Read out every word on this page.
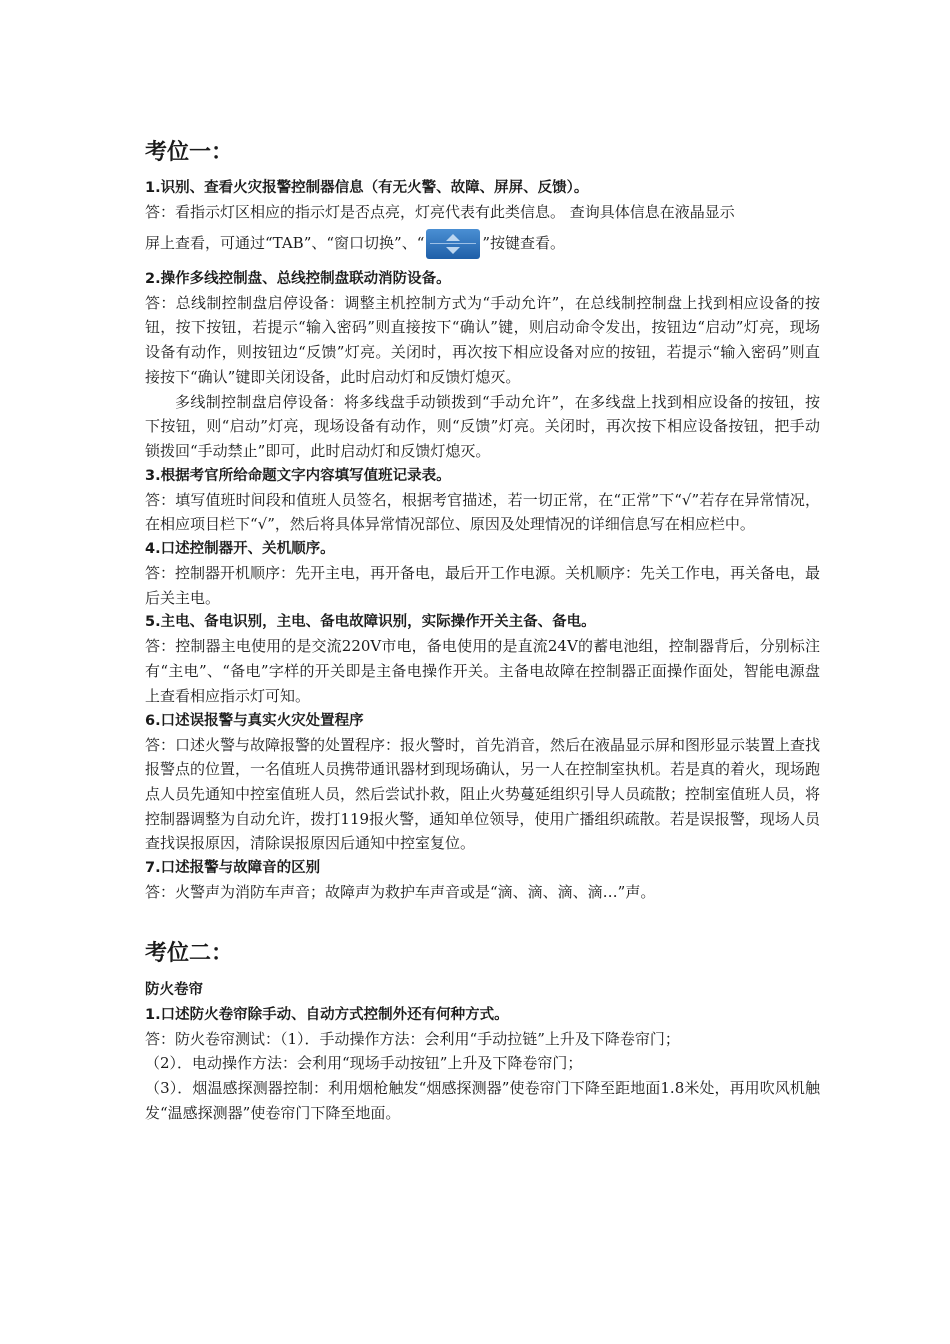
考位一：

1.识别、查看火灾报警控制器信息（有无火警、故障、屏屏、反馈）。

答：看指示灯区相应的指示灯是否点亮，灯亮代表有此类信息。 查询具体信息在液晶显示

屏上查看，可通过“TAB”、“窗口切换”、“	”按键查看。

2.操作多线控制盘、总线控制盘联动消防设备。

答：总线制控制盘启停设备：调整主机控制方式为“手动允许”，在总线制控制盘上找到相应设备的按钮，按下按钮，若提示“输入密码”则直接按下“确认”键，则启动命令发出，按钮边“启动”灯亮，现场设备有动作，则按钮边“反馈”灯亮。关闭时，再次按下相应设备对应的按钮，若提示“输入密码”则直接按下“确认”键即关闭设备，此时启动灯和反馈灯熄灭。

多线制控制盘启停设备：将多线盘手动锁拨到“手动允许”，在多线盘上找到相应设备的按钮，按下按钮，则“启动”灯亮，现场设备有动作，则“反馈”灯亮。关闭时，再次按下相应设备按钮，把手动锁拨回“手动禁止”即可，此时启动灯和反馈灯熄灭。

3.根据考官所给命题文字内容填写值班记录表。

答：填写值班时间段和值班人员签名，根据考官描述，若一切正常，在“正常”下“√”若存在异常情况，在相应项目栏下“√”，然后将具体异常情况部位、原因及处理情况的详细信息写在相应栏中。

4.口述控制器开、关机顺序。

答：控制器开机顺序：先开主电，再开备电，最后开工作电源。关机顺序：先关工作电，再关备电，最后关主电。

5.主电、备电识别，主电、备电故障识别，实际操作开关主备、备电。

答：控制器主电使用的是交流220V市电，备电使用的是直流24V的蓄电池组，控制器背后，分别标注有“主电”、“备电”字样的开关即是主备电操作开关。主备电故障在控制器正面操作面处，智能电源盘上查看相应指示灯可知。

6.口述误报警与真实火灾处置程序

答：口述火警与故障报警的处置程序：报火警时，首先消音，然后在液晶显示屏和图形显示装置上查找报警点的位置，一名值班人员携带通讯器材到现场确认，另一人在控制室执机。若是真的着火，现场跑点人员先通知中控室值班人员，然后尝试扑救，阻止火势蔓延组织引导人员疏散；控制室值班人员，将控制器调整为自动允许，拨打119报火警，通知单位领导，使用广播组织疏散。若是误报警，现场人员查找误报原因，清除误报原因后通知中控室复位。

7.口述报警与故障音的区别

答：火警声为消防车声音；故障声为救护车声音或是“滴、滴、滴、滴…”声。

考位二：

防火卷帘

1.口述防火卷帘除手动、自动方式控制外还有何种方式。

答：防火卷帘测试：（1）．手动操作方法：会利用“手动拉链”上升及下降卷帘门；

（2）．电动操作方法：会利用“现场手动按钮”上升及下降卷帘门；

（3）．烟温感探测器控制：利用烟枪触发“烟感探测器”使卷帘门下降至距地面1.8米处，再用吹风机触发“温感探测器”使卷帘门下降至地面。
